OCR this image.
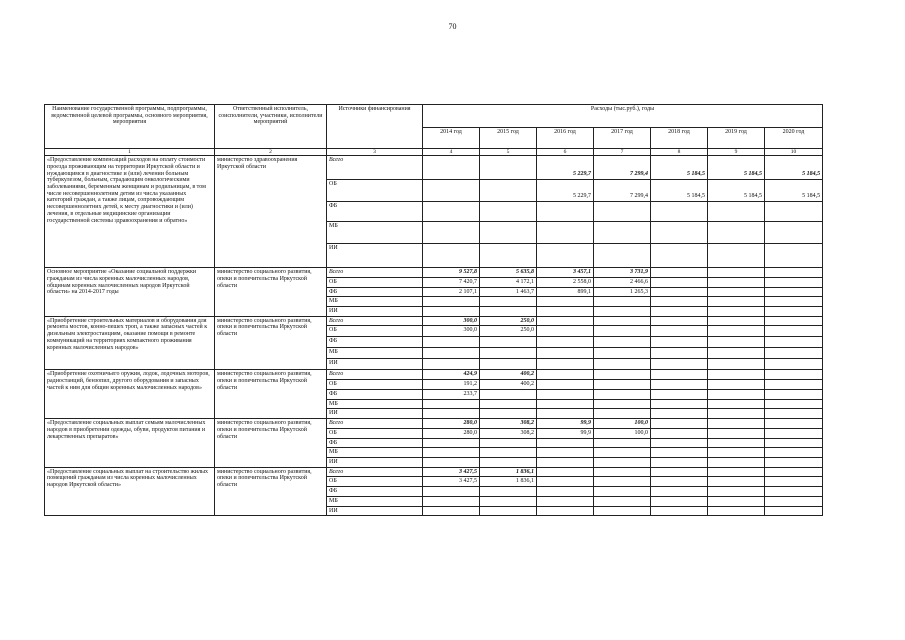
70
Наименование государственной программы, подпрограммы, ведомственной целевой программы, основного мероприятия, мероприятия	Ответственный исполнитель, соисполнители, участники, исполнители мероприятий	Источники финансирования	Расходы (тыс.руб.), годы						
			2014 год	2015 год	2016 год	2017 год	2018 год	2019 год	2020 год
1	2	3	4	5	6	7	8	9	10
«Предоставление компенсаций расходов на оплату стоимости проезда проживающим на территории Иркутской области и нуждающимся в диагностике и (или) лечении больным туберкулезом, больным, страдающим онкологическими заболеваниями, беременным женщинам и родильницам, в том числе несовершеннолетним детям из числа указанных категорий граждан, а также лицам, сопровождающим несовершеннолетних детей, к месту диагностики и (или) лечения, в отдельные медицинские организации государственной системы здравоохранения и обратно»	министерство здравоохранения Иркутской области	Всего			5 229,7	7 299,4	5 184,5	5 184,5	5 184,5
		ОБ			5 229,7	7 299,4	5 184,5	5 184,5	5 184,5
		ФБ							
		МБ							
		ИИ							
Основное мероприятие «Оказание социальной поддержки гражданам из числа коренных малочисленных народов, общинам коренных малочисленных народов Иркутской области» на 2014-2017 годы	министерство социального развития, опеки и попечительства Иркутской области	Всего	9 527,8	5 635,8	3 457,1	3 731,9			
		ОБ	7 420,7	4 172,1	2 558,0	2 466,6			
		ФБ	2 107,1	1 463,7	899,1	1 265,3			
		МБ							
		ИИ							
«Приобретение строительных материалов и оборудования для ремонта мостов, конно-пешех троп, а также запасных частей к дизельным электростанциям, оказание помощи в ремонте коммуникаций на территориях компактного проживания коренных малочисленных народов»	министерство социального развития, опеки и попечительства Иркутской области	Всего	300,0	250,0					
		ОБ	300,0	250,0					
		ФБ							
		МБ							
		ИИ							
«Приобретение охотничьего оружия, лодок, лодочных моторов, радиостанций, бензопил, другого оборудования и запасных частей к ним для общин коренных малочисленных народов»	министерство социального развития, опеки и попечительства Иркутской области	Всего	424,9	400,2					
		ОБ	191,2	400,2					
		ФБ	233,7						
		МБ							
		ИИ							
«Предоставление социальных выплат семьям малочисленных народов в приобретении одежды, обуви, продуктов питания и лекарственных препаратов»	министерство социального развития, опеки и попечительства Иркутской области	Всего	280,0	308,2	99,9	100,0			
		ОБ	280,0	308,2	99,9	100,0			
		ФБ							
		МБ							
		ИИ							
«Предоставление социальных выплат на строительство жилых помещений гражданам из числа коренных малочисленных народов Иркутской области»	министерство социального развития, опеки и попечительства Иркутской области	Всего	3 427,5	1 836,1					
		ОБ	3 427,5	1 836,1					
		ФБ							
		МБ							
		ИИ							
